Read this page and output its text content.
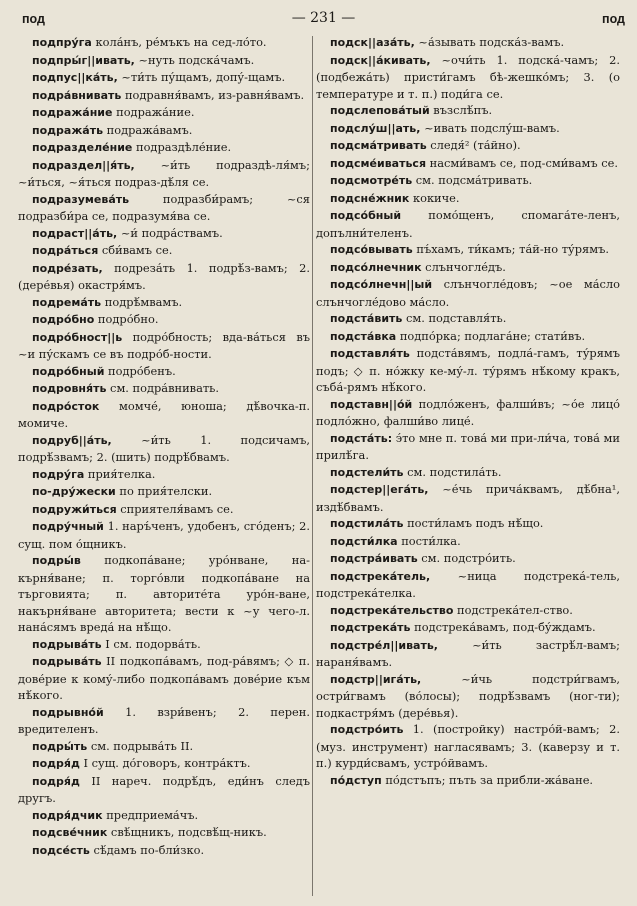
под	— 231 —	под
подпру́га кола́нъ, ре́мъкъ на сед-ло́то.
подпры́г||ивать, ~нуть подска́чамъ.
подпус||ка́ть, ~ти́ть пу́щамъ, допу́-щамъ.
подра́внивать подравня́вамъ, из-равня́вамъ.
подража́ние подража́ние.
подража́ть подража́вамъ.
подразделе́ние подраздѣле́ние.
подраздел||я́ть, ~и́ть подраздѣ-ля́мъ; ~и́ться, ~я́ться подраз-дѣ́ля се.
подразумева́ть подразби́рамъ; ~ся подразби́ра се, подразумя́ва се.
подраст||а́ть, ~и́ подра́ствамъ.
подра́ться сби́вамъ се.
подре́зать, подреза́ть 1. подрѣ́з-вамъ; 2. (дере́вья) окастря́мъ.
подрема́ть подрѣ́мвамъ.
подро́бно подро́бно.
подро́бност||ь подро́бность; вда-ва́ться въ ~и пу́скамъ се въ подро́б-ности.
подро́бный подро́бенъ.
подровня́ть см. подра́внивать.
подро́сток момче́, юноша; дѣ́вочка-п. момиче.
подруб||а́ть, ~и́ть 1. подсичамъ, подрѣ́звамъ; 2. (шить) подрѣ́бвамъ.
подру́га прия́телка.
по-дру́жески по прия́телски.
подружи́ться сприятеля́вамъ се.
подру́чный 1. наръ́ченъ, удобенъ, сго́денъ; 2. сущ. пом о́щникъ.
подры́в подкопа́ване; уро́нване, на-кърня́ване; п. торго́вли подкопа́ване на търговията; п. авторите́та уро́н-ване, накърня́ване авторитета; вести к ~у чего-л. нана́сямъ вреда́ на нѣ́що.
подрыва́ть I см. подорва́ть.
подрыва́ть II подкопа́вамъ, под-ра́вямъ; ◇ п. дове́рие к кому́-либо подкопа́вамъ дове́рие към нѣ́кого.
подрывно́й 1. взри́венъ; 2. перен. вредителенъ.
подры́ть см. подрыва́ть II.
подря́д I сущ. до́говоръ, контра́ктъ.
подря́д II нареч. подрѣ́дъ, еди́нъ следъ другъ.
подря́дчик предприема́чъ.
подсве́чник свѣ́щникъ, подсвѣ́щ-никъ.
подсе́сть сѣ́дамъ по-бли́зко.
подск||аза́ть, ~а́зывать подска́з-вамъ.
подск||а́кивать, ~очи́ть 1. подска́-чамъ; 2. (подбежа́ть) присти́гамъ бѣ-жешко́мъ; 3. (о температуре и т. п.) поди́га се.
подслепова́тый възслѣ́пъ.
подслу́ш||ать, ~ивать подслу́ш-вамъ.
подсма́тривать следя́² (та́йно).
подсме́иваться насми́вамъ се, под-сми́вамъ се.
подсмотре́ть см. подсма́тривать.
подсне́жник кокиче.
подсо́бный помо́щенъ, спомага́те-ленъ, допълни́теленъ.
подсо́вывать пъ́хамъ, ти́камъ; та́й-но ту́рямъ.
подсо́лнечник слънчогле́дъ.
подсо́лнечн||ый слънчогле́довъ; ~ое ма́сло слънчогле́дово ма́сло.
подста́вить см. подставля́ть.
подста́вка подпо́рка; подлага́не; стати́въ.
подставля́ть подста́вямъ, подла́-гамъ, ту́рямъ подъ; ◇ п. но́жку ке-му́-л. ту́рямъ нѣ́кому кракъ, съба́-рямъ нѣ́кого.
подставн||о́й подло́женъ, фалши́въ; ~о́е лицо́ подло́жно, фалши́во лице́.
подста́ть: э́то мне п. това́ ми при-ли́ча, това́ ми прилѣ́га.
подстели́ть см. подстила́ть.
подстер||ега́ть, ~е́чь прича́квамъ, дѣ́бна¹, издѣ́бвамъ.
подстила́ть пости́ламъ подъ нѣ́що.
подсти́лка пости́лка.
подстра́ивать см. подстро́ить.
подстрека́тель, ~ница подстрека́-тель, подстрека́телка.
подстрека́тельство подстрека́тел-ство.
подстрека́ть подстрека́вамъ, под-бу́ждамъ.
подстре́л||ивать, ~и́ть застрѣ́л-вамъ; нараня́вамъ.
подстр||ига́ть, ~и́чь подстри́гвамъ, остри́гвамъ (во́лосы); подрѣ́звамъ (ног-ти); подкастря́мъ (дере́вья).
подстро́ить 1. (постройку) настро́й-вамъ; 2. (муз. инструмент) нагласявамъ; 3. (каверзу и т. п.) курди́свамъ, устро́йвамъ.
по́дступ по́дстъпъ; пъть за прибли-жа́ване.
